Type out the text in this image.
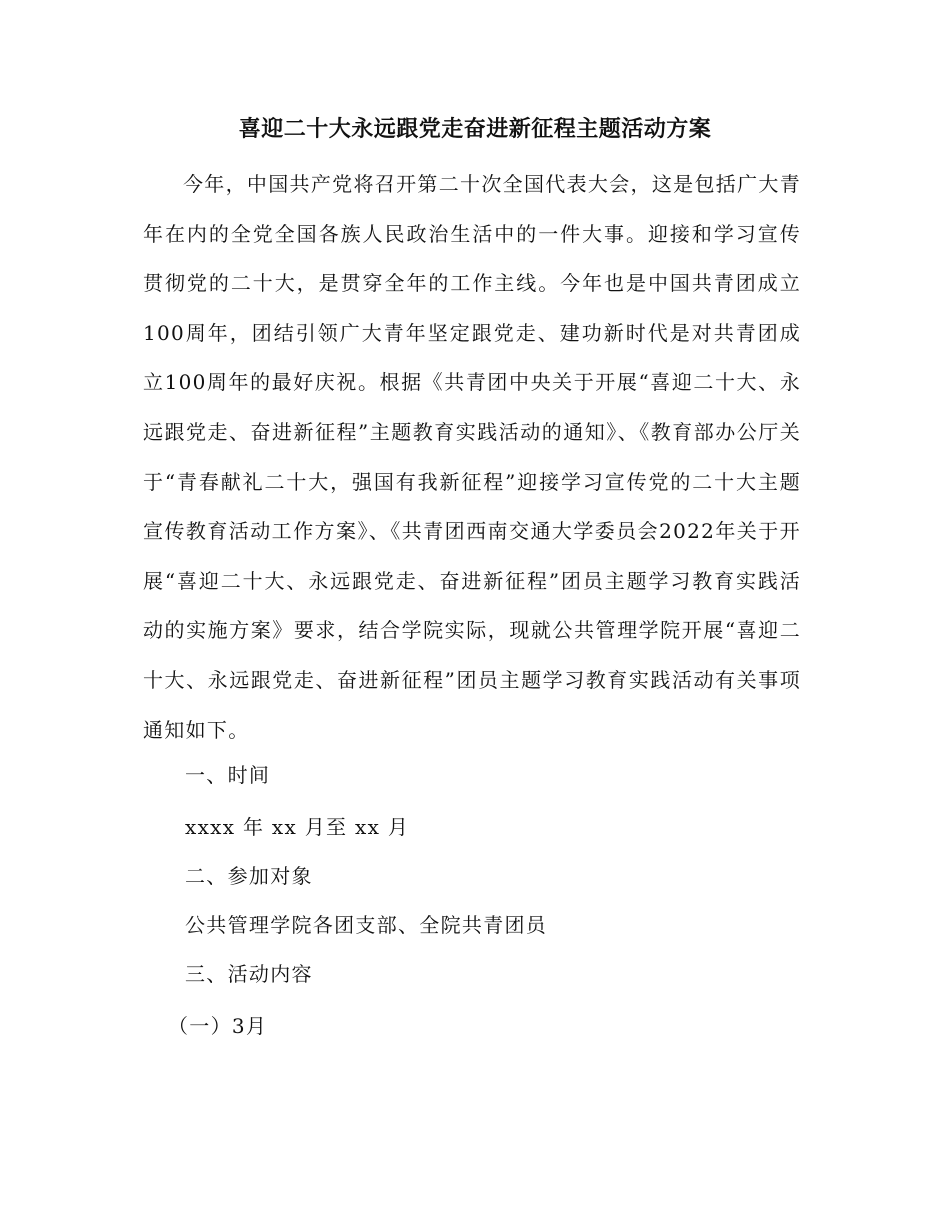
喜迎二十大永远跟党走奋进新征程主题活动方案

今年，中国共产党将召开第二十次全国代表大会，这是包括广大青年在内的全党全国各族人民政治生活中的一件大事。迎接和学习宣传贯彻党的二十大，是贯穿全年的工作主线。今年也是中国共青团成立100周年，团结引领广大青年坚定跟党走、建功新时代是对共青团成立100周年的最好庆祝。根据《共青团中央关于开展“喜迎二十大、永远跟党走、奋进新征程”主题教育实践活动的通知》、《教育部办公厅关于“青春献礼二十大，强国有我新征程”迎接学习宣传党的二十大主题宣传教育活动工作方案》、《共青团西南交通大学委员会2022年关于开展“喜迎二十大、永远跟党走、奋进新征程”团员主题学习教育实践活动的实施方案》要求，结合学院实际，现就公共管理学院开展“喜迎二十大、永远跟党走、奋进新征程”团员主题学习教育实践活动有关事项通知如下。

一、时间

xxxx 年 xx 月至 xx 月

二、参加对象

公共管理学院各团支部、全院共青团员

三、活动内容

（一）3月
